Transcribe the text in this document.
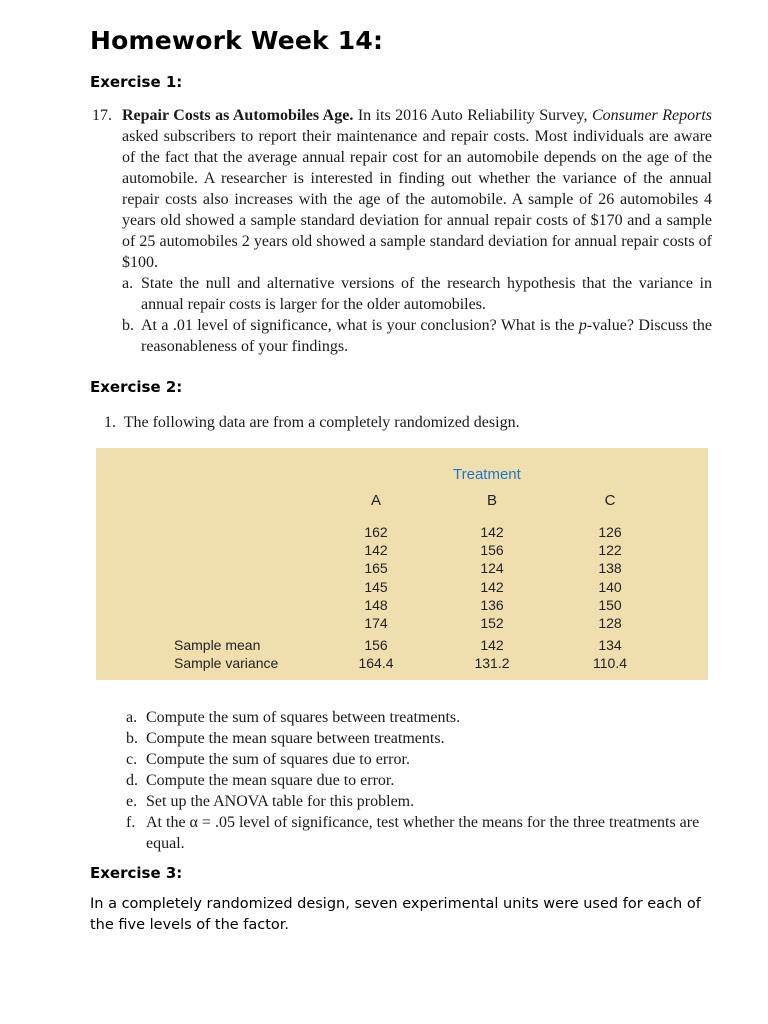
Homework Week 14:
Exercise 1:
17. Repair Costs as Automobiles Age. In its 2016 Auto Reliability Survey, Consumer Reports asked subscribers to report their maintenance and repair costs. Most individuals are aware of the fact that the average annual repair cost for an automobile depends on the age of the automobile. A researcher is interested in finding out whether the variance of the annual repair costs also increases with the age of the automobile. A sample of 26 automobiles 4 years old showed a sample standard deviation for annual repair costs of $170 and a sample of 25 automobiles 2 years old showed a sample standard deviation for annual repair costs of $100.

a. State the null and alternative versions of the research hypothesis that the variance in annual repair costs is larger for the older automobiles.
b. At a .01 level of significance, what is your conclusion? What is the p-value? Discuss the reasonableness of your findings.
Exercise 2:
1. The following data are from a completely randomized design.
Treatment
Sample mean
Sample variance
A
162
142
165
145
148
174
156
164.4
B
142
156
124
142
136
152
142
131.2
C
126
122
138
140
150
128
134
110.4
a. Compute the sum of squares between treatments.
b. Compute the mean square between treatments.
c. Compute the sum of squares due to error.
d. Compute the mean square due to error.
e. Set up the ANOVA table for this problem.
f. At the α = .05 level of significance, test whether the means for the three treatments are equal.
Exercise 3:
In a completely randomized design, seven experimental units were used for each of the five levels of the factor.
